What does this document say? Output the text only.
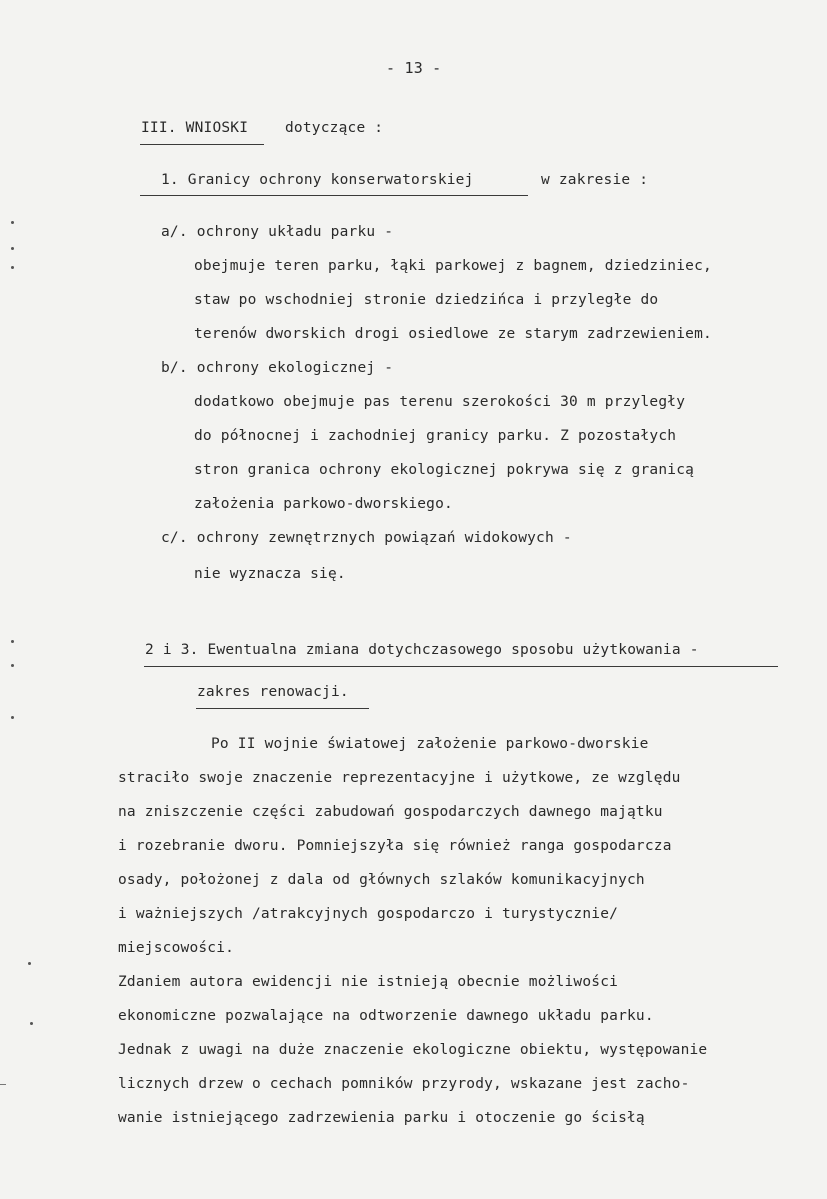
- 13 -
III. WNIOSKI	dotyczące :
1. Granicy ochrony konserwatorskiej	w zakresie :
a/. ochrony układu parku -
obejmuje teren parku, łąki parkowej z bagnem, dziedziniec,
staw po wschodniej stronie dziedzińca i przyległe do
terenów dworskich drogi osiedlowe ze starym zadrzewieniem.
b/. ochrony ekologicznej -
dodatkowo obejmuje pas terenu szerokości 30 m przyległy
do północnej i zachodniej granicy parku. Z pozostałych
stron granica ochrony ekologicznej pokrywa się z granicą
założenia parkowo-dworskiego.
c/. ochrony zewnętrznych powiązań widokowych -
nie wyznacza się.
2 i 3. Ewentualna zmiana dotychczasowego sposobu użytkowania -
zakres renowacji.
Po II wojnie światowej założenie parkowo-dworskie
straciło swoje znaczenie reprezentacyjne i użytkowe, ze względu
na zniszczenie części zabudowań gospodarczych dawnego majątku
i rozebranie dworu. Pomniejszyła się również ranga gospodarcza
osady, położonej z dala od głównych szlaków komunikacyjnych
i ważniejszych /atrakcyjnych gospodarczo i turystycznie/
miejscowości.
Zdaniem autora ewidencji nie istnieją obecnie możliwości
ekonomiczne pozwalające na odtworzenie dawnego układu parku.
Jednak z uwagi na duże znaczenie ekologiczne obiektu, występowanie
licznych drzew o cechach pomników przyrody, wskazane jest zacho-
wanie istniejącego zadrzewienia parku i otoczenie go ścisłą
